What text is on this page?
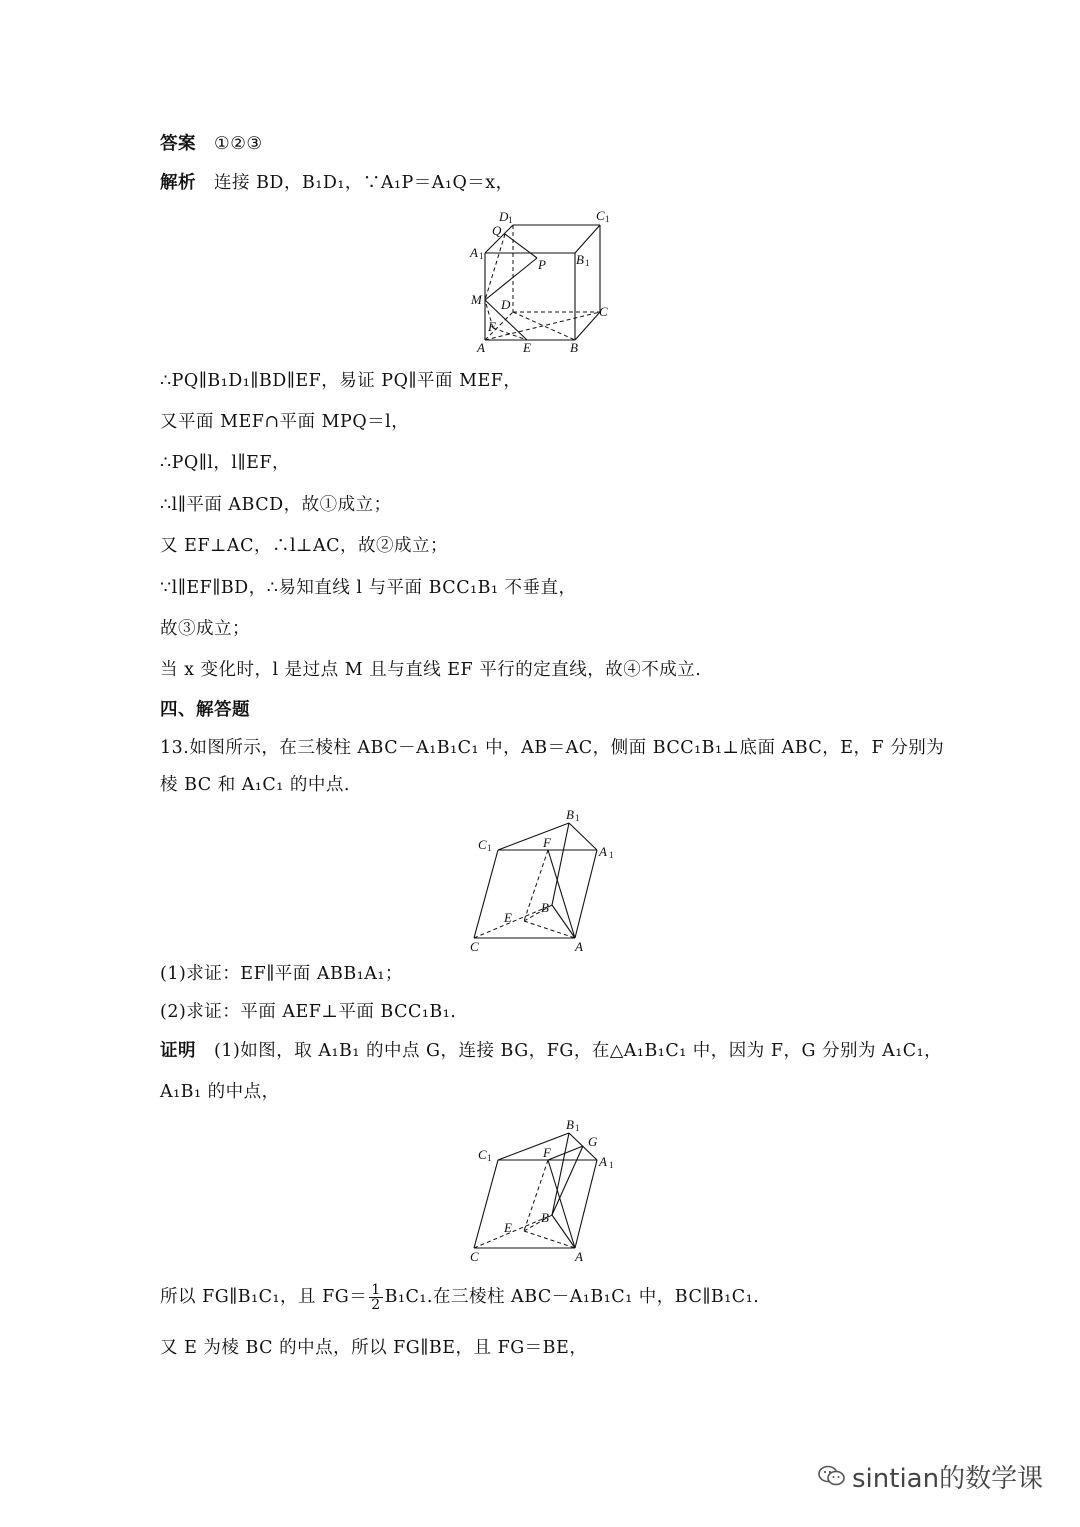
答案 ①②③
解析 连接 BD，B₁D₁，∵A₁P＝A₁Q＝x，
D 1	C 1
Q
A 1
P B 1
M D	C
F
A	E	B
∴PQ∥B₁D₁∥BD∥EF，易证 PQ∥平面 MEF，
又平面 MEF∩平面 MPQ＝l，
∴PQ∥l，l∥EF，
∴l∥平面 ABCD，故①成立；
又 EF⊥AC，∴l⊥AC，故②成立；
∵l∥EF∥BD，∴易知直线 l 与平面 BCC₁B₁ 不垂直，
故③成立；
当 x 变化时，l 是过点 M 且与直线 EF 平行的定直线，故④不成立.
四、解答题
13.如图所示，在三棱柱 ABC－A₁B₁C₁ 中，AB＝AC，侧面 BCC₁B₁⊥底面 ABC，E，F 分别为
棱 BC 和 A₁C₁ 的中点.
B 1
C 1	F
A 1
E
B
C	A
(1)求证：EF∥平面 ABB₁A₁；
(2)求证：平面 AEF⊥平面 BCC₁B₁.
证明 (1)如图，取 A₁B₁ 的中点 G，连接 BG，FG，在△A₁B₁C₁ 中，因为 F，G 分别为 A₁C₁，
A₁B₁ 的中点，
B 1
G
C 1	F
A 1
E
B
C	A
所以 FG∥B₁C₁，且 $FG= \frac{1}{2} B_1C_1$.在三棱柱 ABC－A₁B₁C₁ 中，BC∥B₁C₁.
又 E 为棱 BC 的中点，所以 FG∥BE，且 FG＝BE，
sintian的数学课
